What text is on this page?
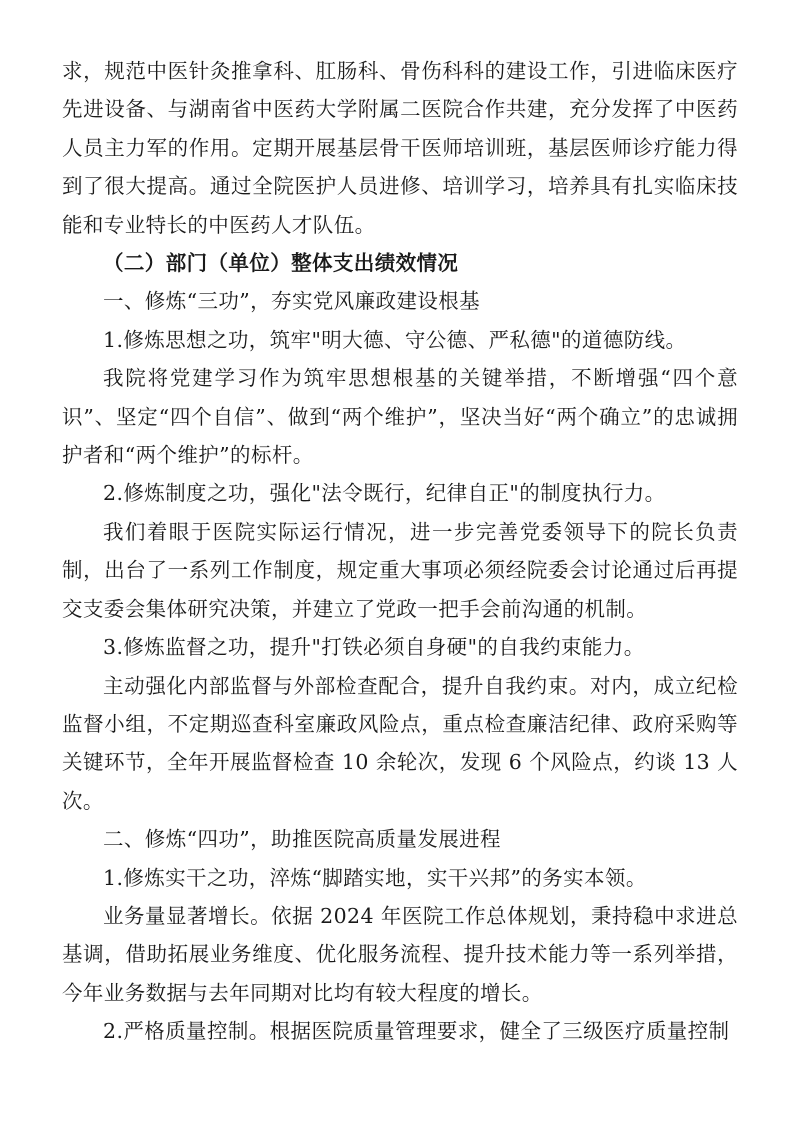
求，规范中医针灸推拿科、肛肠科、骨伤科科的建设工作，引进临床医疗先进设备、与湖南省中医药大学附属二医院合作共建，充分发挥了中医药人员主力军的作用。定期开展基层骨干医师培训班，基层医师诊疗能力得到了很大提高。通过全院医护人员进修、培训学习，培养具有扎实临床技能和专业特长的中医药人才队伍。

（二）部门（单位）整体支出绩效情况

一、修炼“三功”，夯实党风廉政建设根基

1.修炼思想之功，筑牢"明大德、守公德、严私德"的道德防线。

我院将党建学习作为筑牢思想根基的关键举措，不断增强“四个意识”、坚定“四个自信”、做到“两个维护”，坚决当好“两个确立”的忠诚拥护者和“两个维护”的标杆。

2.修炼制度之功，强化"法令既行，纪律自正"的制度执行力。

我们着眼于医院实际运行情况，进一步完善党委领导下的院长负责制，出台了一系列工作制度，规定重大事项必须经院委会讨论通过后再提交支委会集体研究决策，并建立了党政一把手会前沟通的机制。

3.修炼监督之功，提升"打铁必须自身硬"的自我约束能力。

主动强化内部监督与外部检查配合，提升自我约束。对内，成立纪检监督小组，不定期巡查科室廉政风险点，重点检查廉洁纪律、政府采购等关键环节，全年开展监督检查 10 余轮次，发现 6 个风险点，约谈 13 人次。

二、修炼“四功”，助推医院高质量发展进程

1.修炼实干之功，淬炼“脚踏实地，实干兴邦”的务实本领。

业务量显著增长。依据 2024 年医院工作总体规划，秉持稳中求进总基调，借助拓展业务维度、优化服务流程、提升技术能力等一系列举措，今年业务数据与去年同期对比均有较大程度的增长。

2.严格质量控制。根据医院质量管理要求，健全了三级医疗质量控制
